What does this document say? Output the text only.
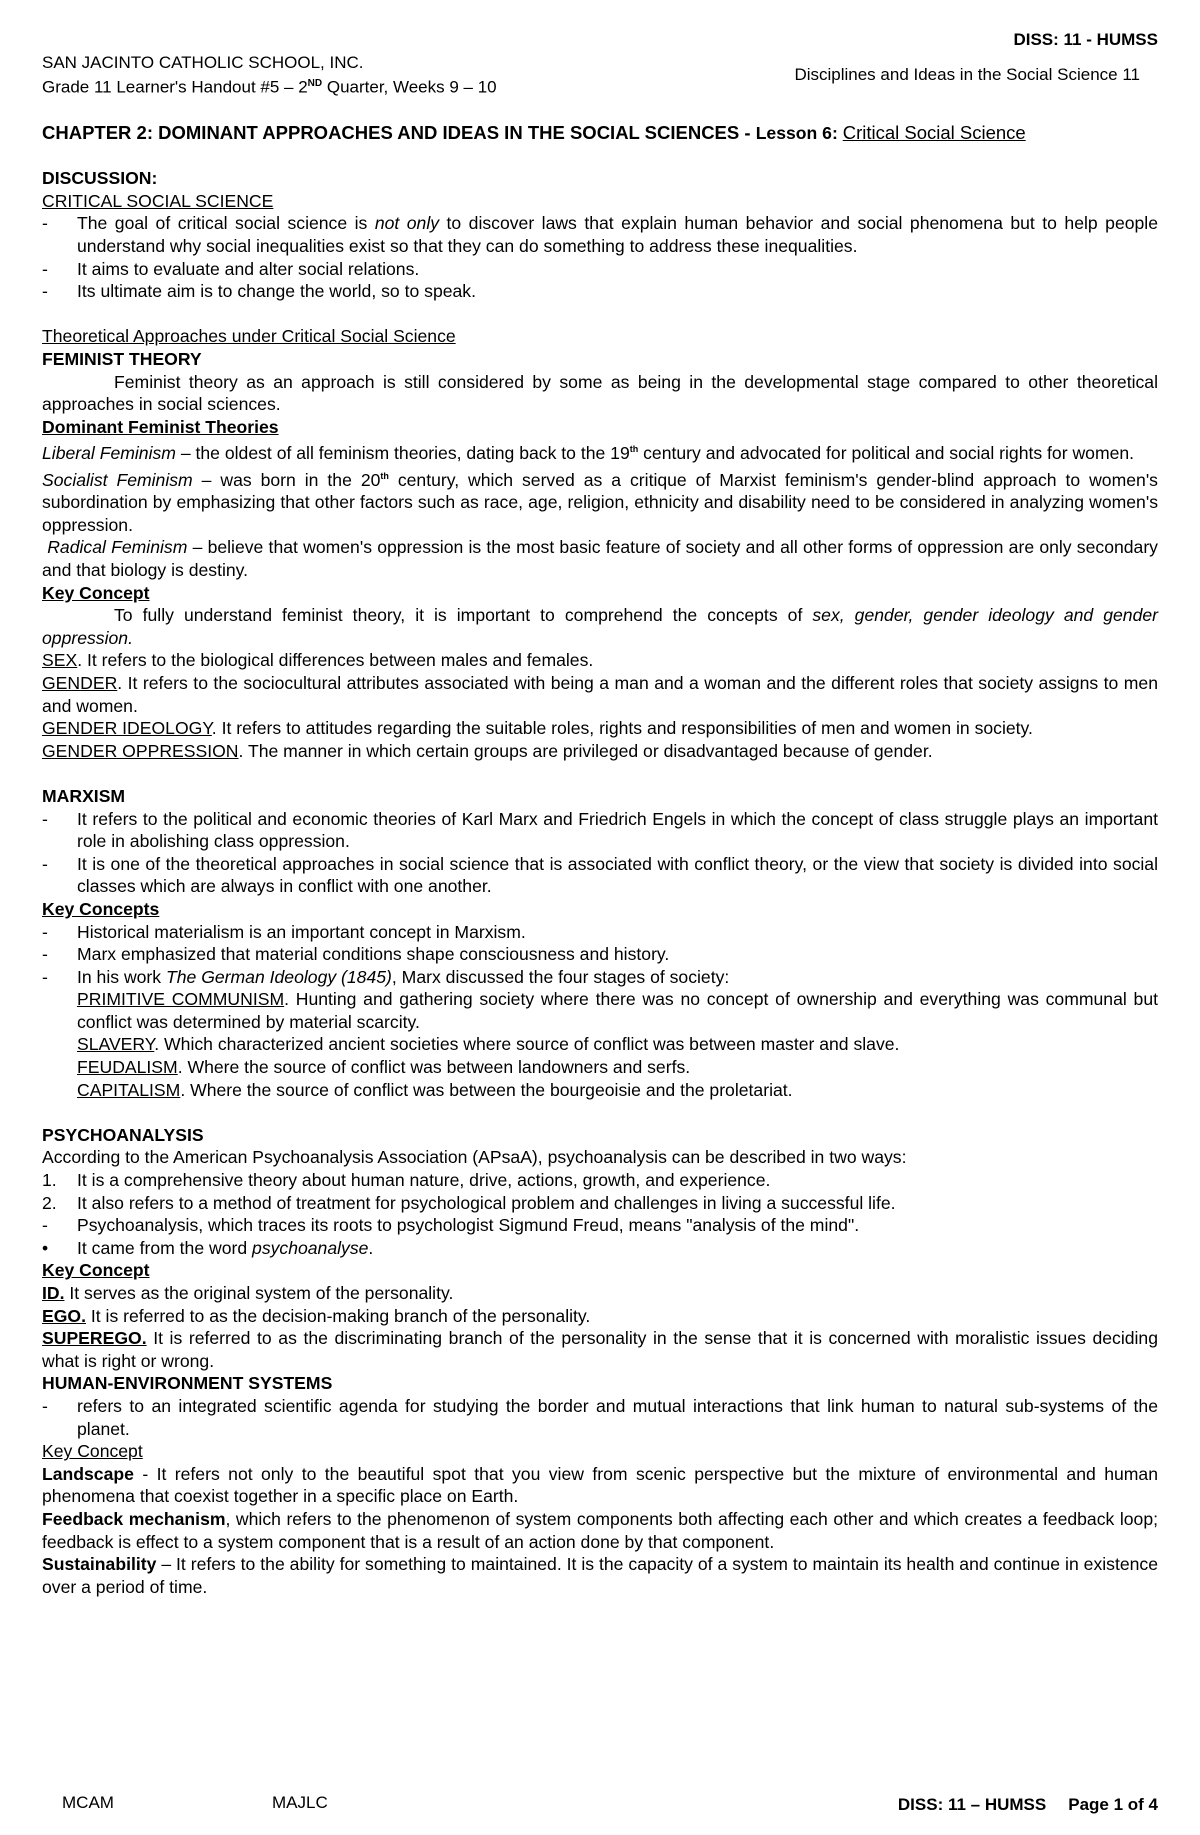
SAN JACINTO CATHOLIC SCHOOL, INC.
Grade 11 Learner's Handout #5 – 2ND Quarter, Weeks 9 – 10
DISS: 11 - HUMSS
Disciplines and Ideas in the Social Science 11

CHAPTER 2: DOMINANT APPROACHES AND IDEAS IN THE SOCIAL SCIENCES - Lesson 6: Critical Social Science

DISCUSSION:

CRITICAL SOCIAL SCIENCE

- The goal of critical social science is not only to discover laws that explain human behavior and social phenomena but to help people understand why social inequalities exist so that they can do something to address these inequalities.
- It aims to evaluate and alter social relations.
- Its ultimate aim is to change the world, so to speak.

Theoretical Approaches under Critical Social Science

FEMINIST THEORY

Feminist theory as an approach is still considered by some as being in the developmental stage compared to other theoretical approaches in social sciences.

Dominant Feminist Theories

Liberal Feminism – the oldest of all feminism theories, dating back to the 19th century and advocated for political and social rights for women.

Socialist Feminism – was born in the 20th century, which served as a critique of Marxist feminism's gender-blind approach to women's subordination by emphasizing that other factors such as race, age, religion, ethnicity and disability need to be considered in analyzing women's oppression.

Radical Feminism – believe that women's oppression is the most basic feature of society and all other forms of oppression are only secondary and that biology is destiny.

Key Concept

To fully understand feminist theory, it is important to comprehend the concepts of sex, gender, gender ideology and gender oppression.

SEX. It refers to the biological differences between males and females.

GENDER. It refers to the sociocultural attributes associated with being a man and a woman and the different roles that society assigns to men and women.

GENDER IDEOLOGY. It refers to attitudes regarding the suitable roles, rights and responsibilities of men and women in society.

GENDER OPPRESSION. The manner in which certain groups are privileged or disadvantaged because of gender.

MARXISM

- It refers to the political and economic theories of Karl Marx and Friedrich Engels in which the concept of class struggle plays an important role in abolishing class oppression.
- It is one of the theoretical approaches in social science that is associated with conflict theory, or the view that society is divided into social classes which are always in conflict with one another.

Key Concepts

- Historical materialism is an important concept in Marxism.
- Marx emphasized that material conditions shape consciousness and history.
- In his work The German Ideology (1845), Marx discussed the four stages of society:

PRIMITIVE COMMUNISM. Hunting and gathering society where there was no concept of ownership and everything was communal but conflict was determined by material scarcity.

SLAVERY. Which characterized ancient societies where source of conflict was between master and slave.

FEUDALISM. Where the source of conflict was between landowners and serfs.

CAPITALISM. Where the source of conflict was between the bourgeoisie and the proletariat.

PSYCHOANALYSIS

According to the American Psychoanalysis Association (APsaA), psychoanalysis can be described in two ways:

1. It is a comprehensive theory about human nature, drive, actions, growth, and experience.
2. It also refers to a method of treatment for psychological problem and challenges in living a successful life.
- Psychoanalysis, which traces its roots to psychologist Sigmund Freud, means "analysis of the mind".
• It came from the word psychoanalyse.

Key Concept

ID. It serves as the original system of the personality.

EGO. It is referred to as the decision-making branch of the personality.

SUPEREGO. It is referred to as the discriminating branch of the personality in the sense that it is concerned with moralistic issues deciding what is right or wrong.

HUMAN-ENVIRONMENT SYSTEMS

- refers to an integrated scientific agenda for studying the border and mutual interactions that link human to natural sub-systems of the planet.

Key Concept

Landscape - It refers not only to the beautiful spot that you view from scenic perspective but the mixture of environmental and human phenomena that coexist together in a specific place on Earth.

Feedback mechanism, which refers to the phenomenon of system components both affecting each other and which creates a feedback loop; feedback is effect to a system component that is a result of an action done by that component.

Sustainability – It refers to the ability for something to maintained. It is the capacity of a system to maintain its health and continue in existence over a period of time.

MCAM	MAJLC	DISS: 11 – HUMSS Page 1 of 4
